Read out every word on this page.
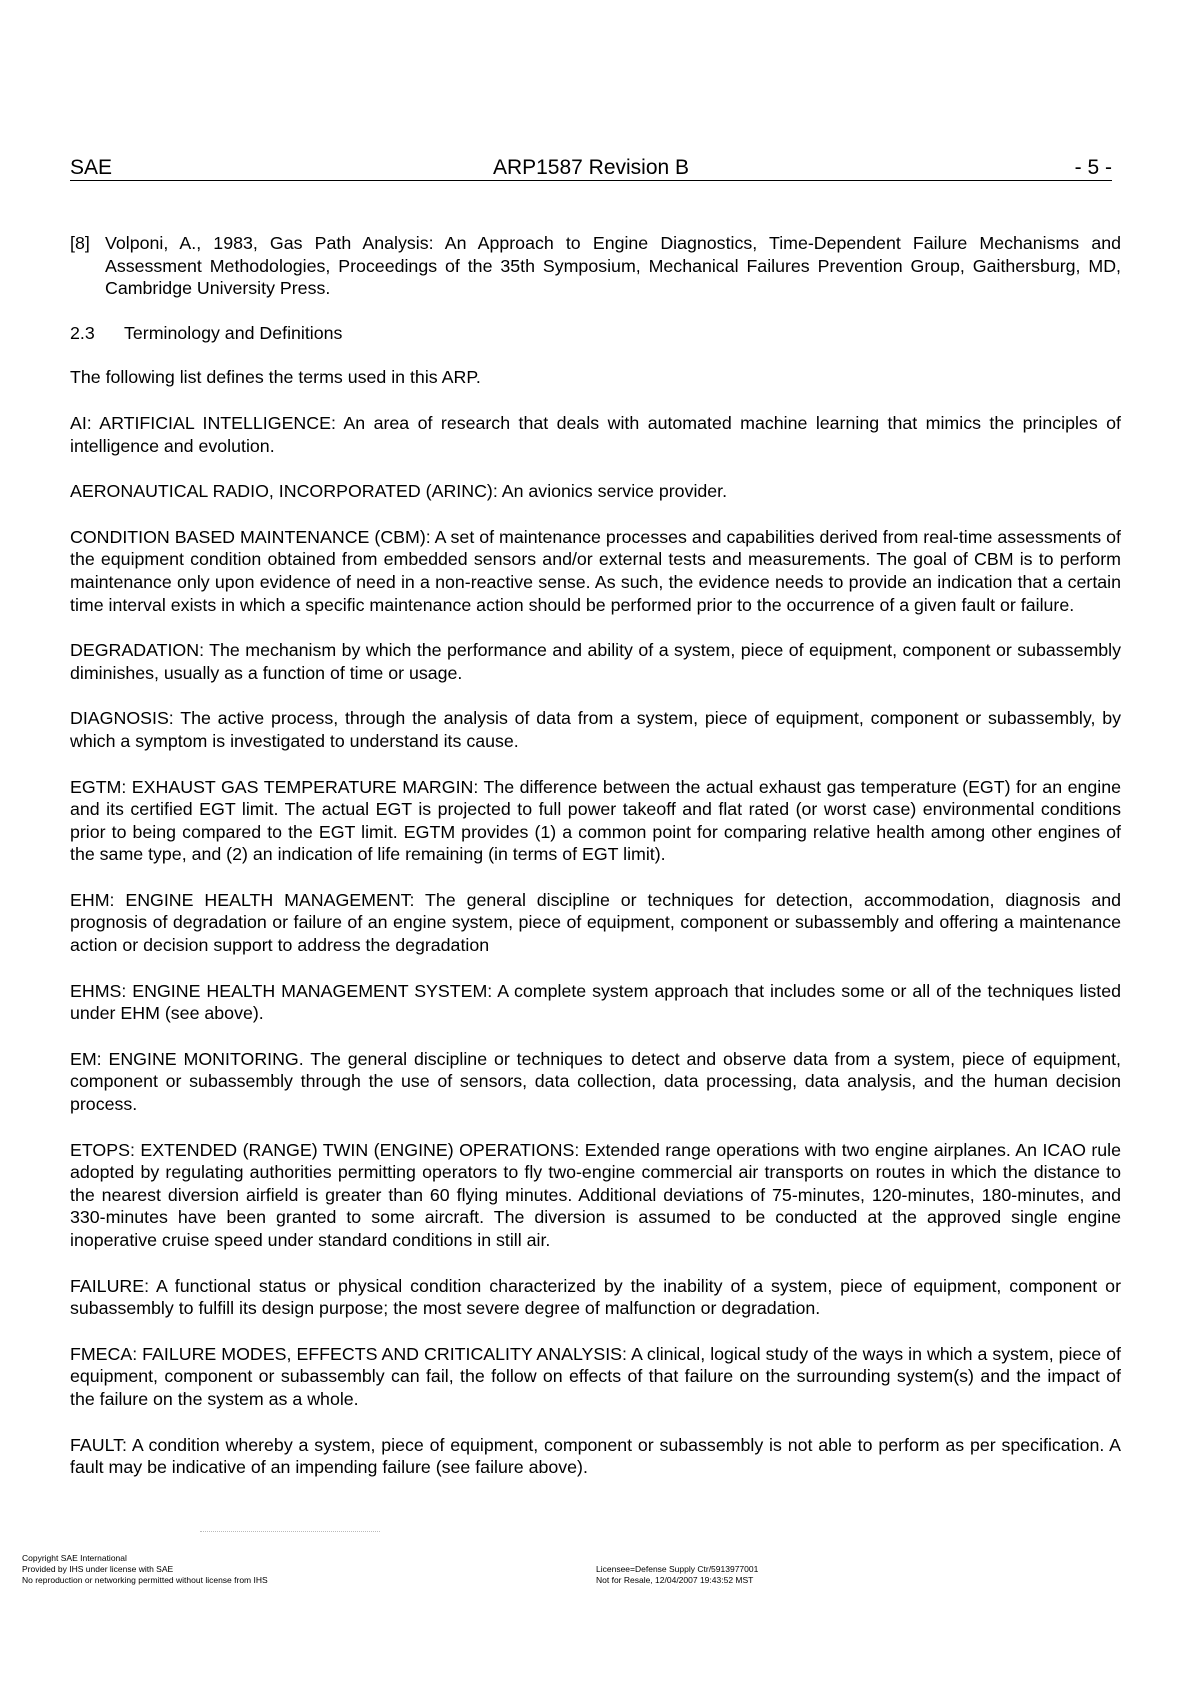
SAE	ARP1587 Revision B	- 5 -
[8] Volponi, A., 1983, Gas Path Analysis: An Approach to Engine Diagnostics, Time-Dependent Failure Mechanisms and Assessment Methodologies, Proceedings of the 35th Symposium, Mechanical Failures Prevention Group, Gaithersburg, MD, Cambridge University Press.
2.3 Terminology and Definitions

The following list defines the terms used in this ARP.

AI: ARTIFICIAL INTELLIGENCE: An area of research that deals with automated machine learning that mimics the principles of intelligence and evolution.

AERONAUTICAL RADIO, INCORPORATED (ARINC): An avionics service provider.

CONDITION BASED MAINTENANCE (CBM): A set of maintenance processes and capabilities derived from real-time assessments of the equipment condition obtained from embedded sensors and/or external tests and measurements. The goal of CBM is to perform maintenance only upon evidence of need in a non-reactive sense. As such, the evidence needs to provide an indication that a certain time interval exists in which a specific maintenance action should be performed prior to the occurrence of a given fault or failure.

DEGRADATION: The mechanism by which the performance and ability of a system, piece of equipment, component or subassembly diminishes, usually as a function of time or usage.

DIAGNOSIS: The active process, through the analysis of data from a system, piece of equipment, component or subassembly, by which a symptom is investigated to understand its cause.

EGTM: EXHAUST GAS TEMPERATURE MARGIN: The difference between the actual exhaust gas temperature (EGT) for an engine and its certified EGT limit. The actual EGT is projected to full power takeoff and flat rated (or worst case) environmental conditions prior to being compared to the EGT limit. EGTM provides (1) a common point for comparing relative health among other engines of the same type, and (2) an indication of life remaining (in terms of EGT limit).

EHM: ENGINE HEALTH MANAGEMENT: The general discipline or techniques for detection, accommodation, diagnosis and prognosis of degradation or failure of an engine system, piece of equipment, component or subassembly and offering a maintenance action or decision support to address the degradation

EHMS: ENGINE HEALTH MANAGEMENT SYSTEM: A complete system approach that includes some or all of the techniques listed under EHM (see above).

EM: ENGINE MONITORING. The general discipline or techniques to detect and observe data from a system, piece of equipment, component or subassembly through the use of sensors, data collection, data processing, data analysis, and the human decision process.

ETOPS: EXTENDED (RANGE) TWIN (ENGINE) OPERATIONS: Extended range operations with two engine airplanes. An ICAO rule adopted by regulating authorities permitting operators to fly two-engine commercial air transports on routes in which the distance to the nearest diversion airfield is greater than 60 flying minutes. Additional deviations of 75-minutes, 120-minutes, 180-minutes, and 330-minutes have been granted to some aircraft. The diversion is assumed to be conducted at the approved single engine inoperative cruise speed under standard conditions in still air.

FAILURE: A functional status or physical condition characterized by the inability of a system, piece of equipment, component or subassembly to fulfill its design purpose; the most severe degree of malfunction or degradation.

FMECA: FAILURE MODES, EFFECTS AND CRITICALITY ANALYSIS: A clinical, logical study of the ways in which a system, piece of equipment, component or subassembly can fail, the follow on effects of that failure on the surrounding system(s) and the impact of the failure on the system as a whole.

FAULT: A condition whereby a system, piece of equipment, component or subassembly is not able to perform as per specification. A fault may be indicative of an impending failure (see failure above).

Copyright SAE International
Provided by IHS under license with SAE
No reproduction or networking permitted without license from IHS
Licensee=Defense Supply Ctr/5913977001
Not for Resale, 12/04/2007 19:43:52 MST
